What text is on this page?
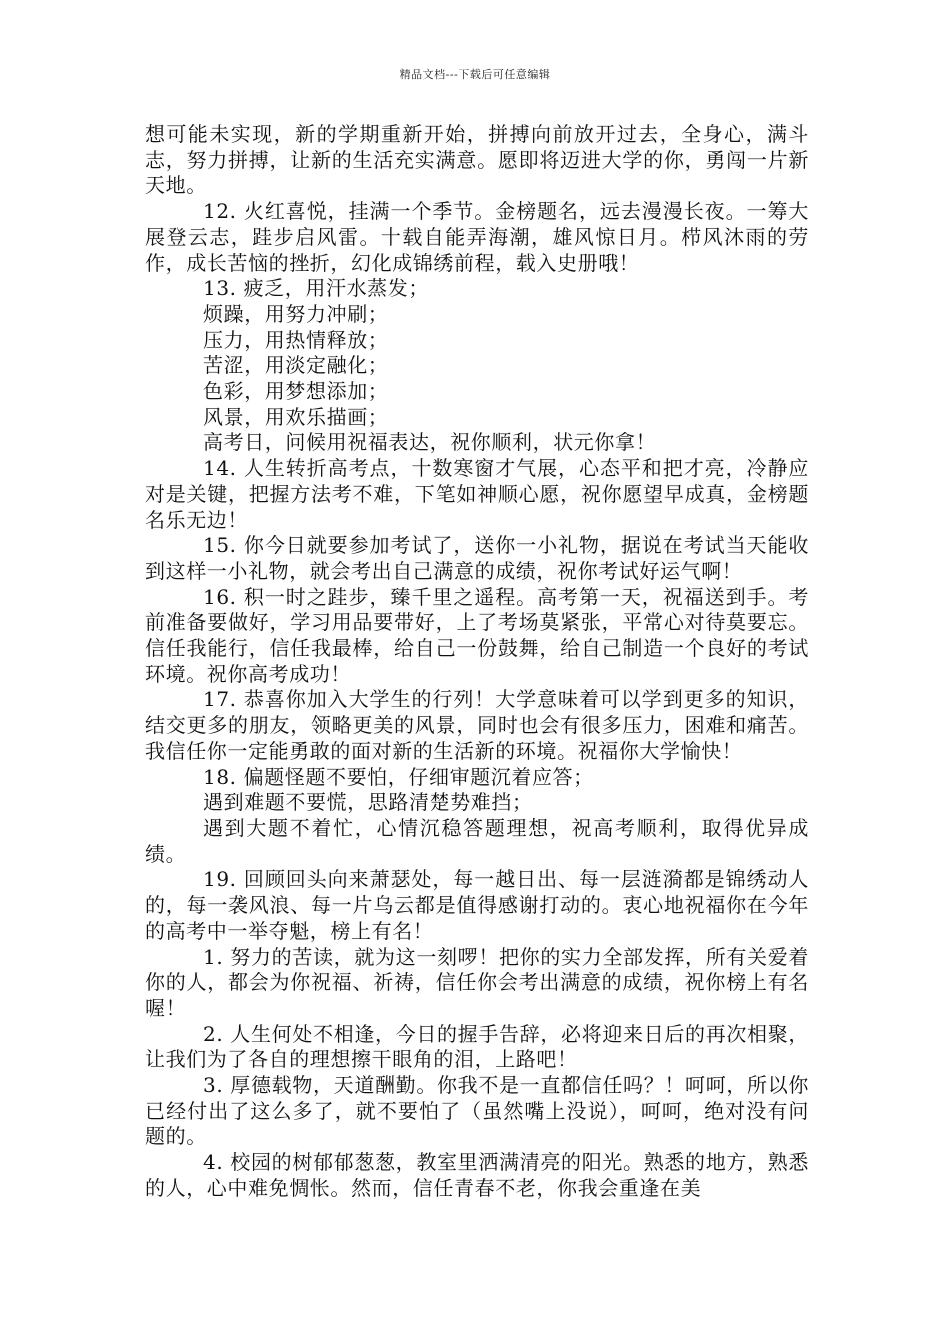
精品文档---下载后可任意编辑

想可能未实现，新的学期重新开始，拼搏向前放开过去，全身心，满斗志，努力拼搏，让新的生活充实满意。愿即将迈进大学的你，勇闯一片新天地。

12. 火红喜悦，挂满一个季节。金榜题名，远去漫漫长夜。一筹大展登云志，跬步启风雷。十载自能弄海潮，雄风惊日月。栉风沐雨的劳作，成长苦恼的挫折，幻化成锦绣前程，载入史册哦！

13. 疲乏，用汗水蒸发；

烦躁，用努力冲刷；

压力，用热情释放；

苦涩，用淡定融化；

色彩，用梦想添加；

风景，用欢乐描画；

高考日，问候用祝福表达，祝你顺利，状元你拿！

14. 人生转折高考点，十数寒窗才气展，心态平和把才亮，冷静应对是关键，把握方法考不难，下笔如神顺心愿，祝你愿望早成真，金榜题名乐无边！

15. 你今日就要参加考试了，送你一小礼物，据说在考试当天能收到这样一小礼物，就会考出自己满意的成绩，祝你考试好运气啊！

16. 积一时之跬步，臻千里之遥程。高考第一天，祝福送到手。考前准备要做好，学习用品要带好，上了考场莫紧张，平常心对待莫要忘。信任我能行，信任我最棒，给自己一份鼓舞，给自己制造一个良好的考试环境。祝你高考成功！

17. 恭喜你加入大学生的行列！大学意味着可以学到更多的知识，结交更多的朋友，领略更美的风景，同时也会有很多压力，困难和痛苦。我信任你一定能勇敢的面对新的生活新的环境。祝福你大学愉快！

18. 偏题怪题不要怕，仔细审题沉着应答；

遇到难题不要慌，思路清楚势难挡；

遇到大题不着忙，心情沉稳答题理想，祝高考顺利，取得优异成绩。

19. 回顾回头向来萧瑟处，每一越日出、每一层涟漪都是锦绣动人的，每一袭风浪、每一片乌云都是值得感谢打动的。衷心地祝福你在今年的高考中一举夺魁，榜上有名！

1. 努力的苦读，就为这一刻啰！把你的实力全部发挥，所有关爱着你的人，都会为你祝福、祈祷，信任你会考出满意的成绩，祝你榜上有名喔！

2. 人生何处不相逢，今日的握手告辞，必将迎来日后的再次相聚，让我们为了各自的理想擦干眼角的泪，上路吧！

3. 厚德载物，天道酬勤。你我不是一直都信任吗？！呵呵，所以你已经付出了这么多了，就不要怕了（虽然嘴上没说），呵呵，绝对没有问题的。

4. 校园的树郁郁葱葱，教室里洒满清亮的阳光。熟悉的地方，熟悉的人，心中难免惆怅。然而，信任青春不老，你我会重逢在美
